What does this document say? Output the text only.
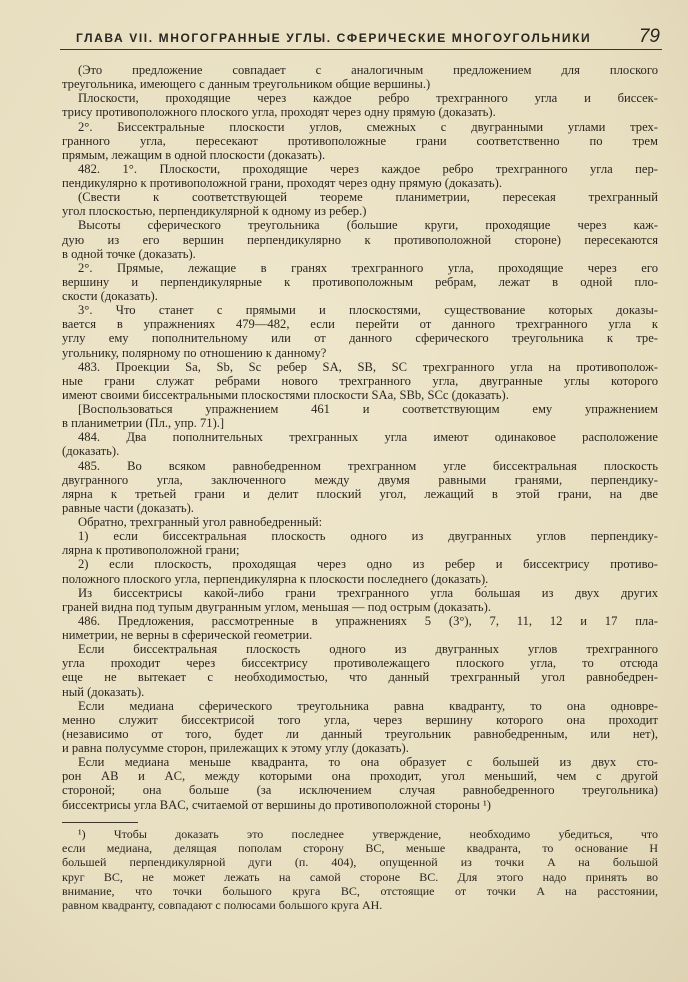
ГЛАВА VII. МНОГОГРАННЫЕ УГЛЫ. СФЕРИЧЕСКИЕ МНОГОУГОЛЬНИКИ	79
(Это предложение совпадает с аналогичным предложением для плоского
треугольника, имеющего с данным треугольником общие вершины.)
Плоскости, проходящие через каждое ребро трехгранного угла и биссек-
трису противоположного плоского угла, проходят через одну прямую (доказать).
2°. Биссектральные плоскости углов, смежных с двугранными углами трех-
гранного угла, пересекают противоположные грани соответственно по трем
прямым, лежащим в одной плоскости (доказать).
482. 1°. Плоскости, проходящие через каждое ребро трехгранного угла пер-
пендикулярно к противоположной грани, проходят через одну прямую (доказать).
(Свести к соответствующей теореме планиметрии, пересекая трехгранный
угол плоскостью, перпендикулярной к одному из ребер.)
Высоты сферического треугольника (большие круги, проходящие через каж-
дую из его вершин перпендикулярно к противоположной стороне) пересекаются
в одной точке (доказать).
2°. Прямые, лежащие в гранях трехгранного угла, проходящие через его
вершину и перпендикулярные к противоположным ребрам, лежат в одной пло-
скости (доказать).
3°. Что станет с прямыми и плоскостями, существование которых доказы-
вается в упражнениях 479—482, если перейти от данного трехгранного угла к
углу ему пополнительному или от данного сферического треугольника к тре-
угольнику, полярному по отношению к данному?
483. Проекции Sa, Sb, Sc ребер SA, SB, SC трехгранного угла на противополож-
ные грани служат ребрами нового трехгранного угла, двугранные углы которого
имеют своими биссектральными плоскостями плоскости SAa, SBb, SCc (доказать).
[Воспользоваться упражнением 461 и соответствующим ему упражнением
в планиметрии (Пл., упр. 71).]
484. Два пополнительных трехгранных угла имеют одинаковое расположение
(доказать).
485. Во всяком равнобедренном трехгранном угле биссектральная плоскость
двугранного угла, заключенного между двумя равными гранями, перпендику-
лярна к третьей грани и делит плоский угол, лежащий в этой грани, на две
равные части (доказать).
Обратно, трехгранный угол равнобедренный:
1) если биссектральная плоскость одного из двугранных углов перпендику-
лярна к противоположной грани;
2) если плоскость, проходящая через одно из ребер и биссектрису противо-
положного плоского угла, перпендикулярна к плоскости последнего (доказать).
Из биссектрисы какой-либо грани трехгранного угла бо́льшая из двух других
граней видна под тупым двугранным углом, меньшая — под острым (доказать).
486. Предложения, рассмотренные в упражнениях 5 (3°), 7, 11, 12 и 17 пла-
ниметрии, не верны в сферической геометрии.
Если биссектральная плоскость одного из двугранных углов трехгранного
угла проходит через биссектрису противолежащего плоского угла, то отсюда
еще не вытекает с необходимостью, что данный трехгранный угол равнобедрен-
ный (доказать).
Если медиана сферического треугольника равна квадранту, то она одновре-
менно служит биссектрисой того угла, через вершину которого она проходит
(независимо от того, будет ли данный треугольник равнобедренным, или нет),
и равна полусумме сторон, прилежащих к этому углу (доказать).
Если медиана меньше квадранта, то она образует с большей из двух сто-
рон AB и AC, между которыми она проходит, угол меньший, чем с другой
стороной; она больше (за исключением случая равнобедренного треугольника)
биссектрисы угла BAC, считаемой от вершины до противоположной стороны ¹)
¹) Чтобы доказать это последнее утверждение, необходимо убедиться, что
если медиана, делящая пополам сторону BC, меньше квадранта, то основание H
большей перпендикулярной дуги (п. 404), опущенной из точки A на большой
круг BC, не может лежать на самой стороне BC. Для этого надо принять во
внимание, что точки большого круга BC, отстоящие от точки A на расстоянии,
равном квадранту, совпадают с полюсами большого круга AH.
